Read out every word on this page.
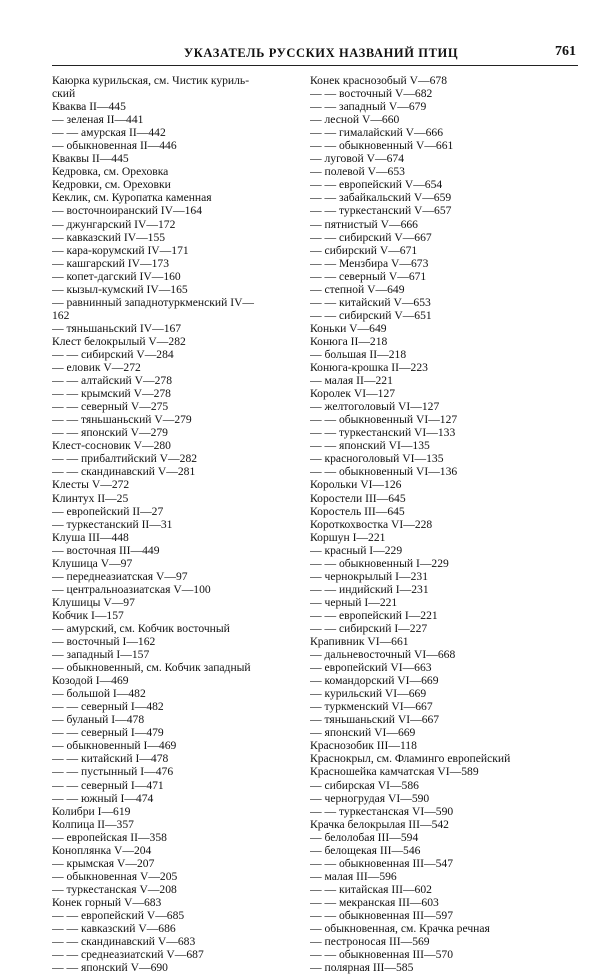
УКАЗАТЕЛЬ РУССКИХ НАЗВАНИЙ ПТИЦ	761
Каюрка курильская, см. Чистик куриль-
ский
Кваква II—445
— зеленая II—441
— — амурская II—442
— обыкновенная II—446
Кваквы II—445
Кедровка, см. Ореховка
Кедровки, см. Ореховки
Кеклик, см. Куропатка каменная
— восточноиранский IV—164
— джунгарский IV—172
— кавказский IV—155
— кара-корумский IV—171
— кашгарский IV—173
— копет-дагский IV—160
— кызыл-кумский IV—165
— равнинный западнотуркменский IV—
162
— тяньшаньский IV—167
Клест белокрылый V—282
— — сибирский V—284
— еловик V—272
— — алтайский V—278
— — крымский V—278
— — северный V—275
— — тяньшаньский V—279
— — японский V—279
Клест-сосновик V—280
— — прибалтийский V—282
— — скандинавский V—281
Клесты V—272
Клинтух II—25
— европейский II—27
— туркестанский II—31
Клуша III—448
— восточная III—449
Клушица V—97
— переднеазиатская V—97
— центральноазиатская V—100
Клушицы V—97
Кобчик I—157
— амурский, см. Кобчик восточный
— восточный I—162
— западный I—157
— обыкновенный, см. Кобчик западный
Козодой I—469
— большой I—482
— — северный I—482
— буланый I—478
— — северный I—479
— обыкновенный I—469
— — китайский I—478
— — пустынный I—476
— — северный I—471
— — южный I—474
Колибри I—619
Колпица II—357
— европейская II—358
Коноплянка V—204
— крымская V—207
— обыкновенная V—205
— туркестанская V—208
Конек горный V—683
— — европейский V—685
— — кавказский V—686
— — скандинавский V—683
— — среднеазиатский V—687
— — японский V—690
Конек краснозобый V—678
— — восточный V—682
— — западный V—679
— лесной V—660
— — гималайский V—666
— — обыкновенный V—661
— луговой V—674
— полевой V—653
— — европейский V—654
— — забайкальский V—659
— — туркестанский V—657
— пятнистый V—666
— — сибирский V—667
— сибирский V—671
— — Мензбира V—673
— — северный V—671
— степной V—649
— — китайский V—653
— — сибирский V—651
Коньки V—649
Конюга II—218
— большая II—218
Конюга-крошка II—223
— малая II—221
Королек VI—127
— желтоголовый VI—127
— — обыкновенный VI—127
— — туркестанский VI—133
— — японский VI—135
— красноголовый VI—135
— — обыкновенный VI—136
Корольки VI—126
Коростели III—645
Коростель III—645
Короткохвостка VI—228
Коршун I—221
— красный I—229
— — обыкновенный I—229
— чернокрылый I—231
— — индийский I—231
— черный I—221
— — европейский I—221
— — сибирский I—227
Крапивник VI—661
— дальневосточный VI—668
— европейский VI—663
— командорский VI—669
— курильский VI—669
— туркменский VI—667
— тяньшаньский VI—667
— японский VI—669
Краснозобик III—118
Краснокрыл, см. Фламинго европейский
Красношейка камчатская VI—589
— сибирская VI—586
— черногрудая VI—590
— — туркестанская VI—590
Крачка белокрылая III—542
— белолобая III—594
— белощекая III—546
— — обыкновенная III—547
— малая III—596
— — китайская III—602
— — мекранская III—603
— — обыкновенная III—597
— обыкновенная, см. Крачка речная
— пестроносая III—569
— — обыкновенная III—570
— полярная III—585
